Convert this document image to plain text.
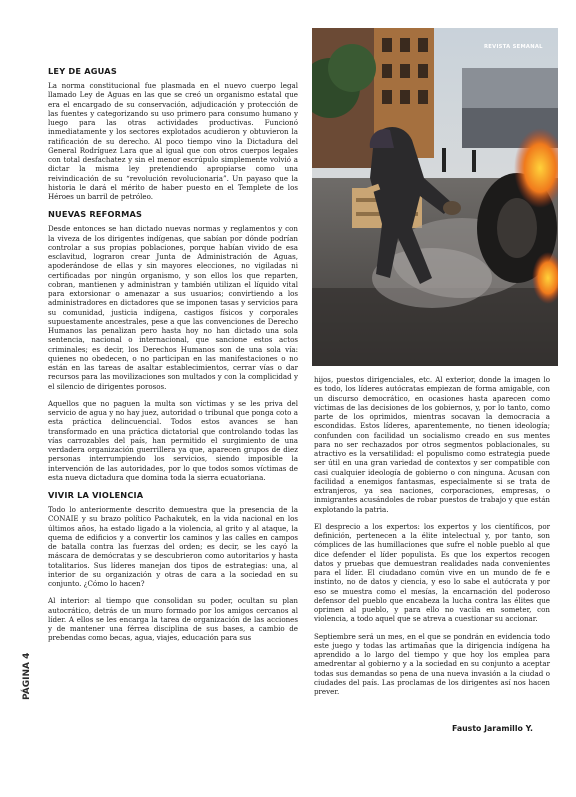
LEY DE AGUAS

La norma constitucional fue plasmada en el nuevo cuerpo legal llamado Ley de Aguas en las que se creó un organismo estatal que era el encargado de su conservación, adjudicación y protección de las fuentes y categorizando su uso primero para consumo humano y luego para las otras actividades productivas. Funcionó inmediatamente y los sectores explotados acudieron y obtuvieron la ratificación de su derecho. Al poco tiempo vino la Dictadura del General Rodríguez Lara que al igual que con otros cuerpos legales con total desfachatez y sin el menor escrúpulo simplemente volvió a dictar la misma ley pretendiendo apropiarse como una reivindicación de su “revolución revolucionaria”. Un payaso que la historia le dará el mérito de haber puesto en el Templete de los Héroes un barril de petróleo.

NUEVAS REFORMAS

Desde entonces se han dictado nuevas normas y reglamentos y con la viveza de los dirigentes indígenas, que sabían por dónde podrían controlar a sus propias poblaciones, porque habían vivido de esa esclavitud, lograron crear Junta de Administración de Aguas, apoderándose de ellas y sin mayores elecciones, no vigiladas ni certificadas por ningún organismo, y son ellos los que reparten, cobran, mantienen y administran y también utilizan el líquido vital para extorsionar o amenazar a sus usuarios; convirtiendo a los administradores en dictadores que se imponen tasas y servicios para su comunidad, justicia indígena, castigos físicos y corporales supuestamente ancestrales, pese a que las convenciones de Derecho Humanos las penalizan pero hasta hoy no han dictado una sola sentencia, nacional o internacional, que sancione estos actos criminales; es decir, los Derechos Humanos son de una sola vía: quienes no obedecen, o no participan en las manifestaciones o no están en las tareas de asaltar establecimientos, cerrar vías o dar recursos para las movilizaciones son multados y con la complicidad y el silencio de dirigentes porosos.

Aquellos que no paguen la multa son víctimas y se les priva del servicio de agua y no hay juez, autoridad o tribunal que ponga coto a esta práctica delincuencial. Todos estos avances se han transformado en una práctica dictatorial que controlando todas las vías carrozables del país, han permitido el surgimiento de una verdadera organización guerrillera ya que, aparecen grupos de diez personas interrumpiendo los servicios, siendo imposible la intervención de las autoridades, por lo que todos somos víctimas de esta nueva dictadura que domina toda la sierra ecuatoriana.

VIVIR LA VIOLENCIA

Todo lo anteriormente descrito demuestra que la presencia de la CONAIE y su brazo político Pachakutek, en la vida nacional en los últimos años, ha estado ligado a la violencia, al grito y al ataque, la quema de edificios y a convertir los caminos y las calles en campos de batalla contra las fuerzas del orden; es decir, se les cayó la máscara de demócratas y se descubrieron como autoritarios y hasta totalitarios. Sus líderes manejan dos tipos de estrategias: una, al interior de su organización y otras de cara a la sociedad en su conjunto. ¿Cómo lo hacen?

Al interior: al tiempo que consolidan su poder, ocultan su plan autocrático, detrás de un muro formado por los amigos cercanos al líder. A ellos se les encarga la tarea de organización de las acciones y de mantener una férrea disciplina de sus bases, a cambio de prebendas como becas, agua, viajes, educación para sus

REVISTA SEMANAL

hijos, puestos dirigenciales, etc. Al exterior, donde la imagen lo es todo, los líderes autócratas empiezan de forma amigable, con un discurso democrático, en ocasiones hasta aparecen como víctimas de las decisiones de los gobiernos, y, por lo tanto, como parte de los oprimidos, mientras socavan la democracia a escondidas. Estos líderes, aparentemente, no tienen ideología; confunden con facilidad un socialismo creado en sus mentes para no ser rechazados por otros segmentos poblacionales, su atractivo es la versatilidad: el populismo como estrategia puede ser útil en una gran variedad de contextos y ser compatible con casi cualquier ideología de gobierno o con ninguna. Acusan con facilidad a enemigos fantasmas, especialmente si se trata de extranjeros, ya sea naciones, corporaciones, empresas, o inmigrantes acusándoles de robar puestos de trabajo y que están explotando la patria.

El desprecio a los expertos: los expertos y los científicos, por definición, pertenecen a la élite intelectual y, por tanto, son cómplices de las humillaciones que sufre el noble pueblo al que dice defender el líder populista. Es que los expertos recogen datos y pruebas que demuestran realidades nada convenientes para el líder. El ciudadano común vive en un mundo de fe e instinto, no de datos y ciencia, y eso lo sabe el autócrata y por eso se muestra como el mesías, la encarnación del poderoso defensor del pueblo que encabeza la lucha contra las élites que oprimen al pueblo, y para ello no vacila en someter, con violencia, a todo aquel que se atreva a cuestionar su accionar.

Septiembre será un mes, en el que se pondrán en evidencia todo este juego y todas las artimañas que la dirigencia indígena ha aprendido a lo largo del tiempo y que hoy los emplea para amedrentar al gobierno y a la sociedad en su conjunto a aceptar todas sus demandas so pena de una nueva invasión a la ciudad o ciudades del país. Las proclamas de los dirigentes así nos hacen prever.

Fausto Jaramillo Y.
PÁGINA 4
